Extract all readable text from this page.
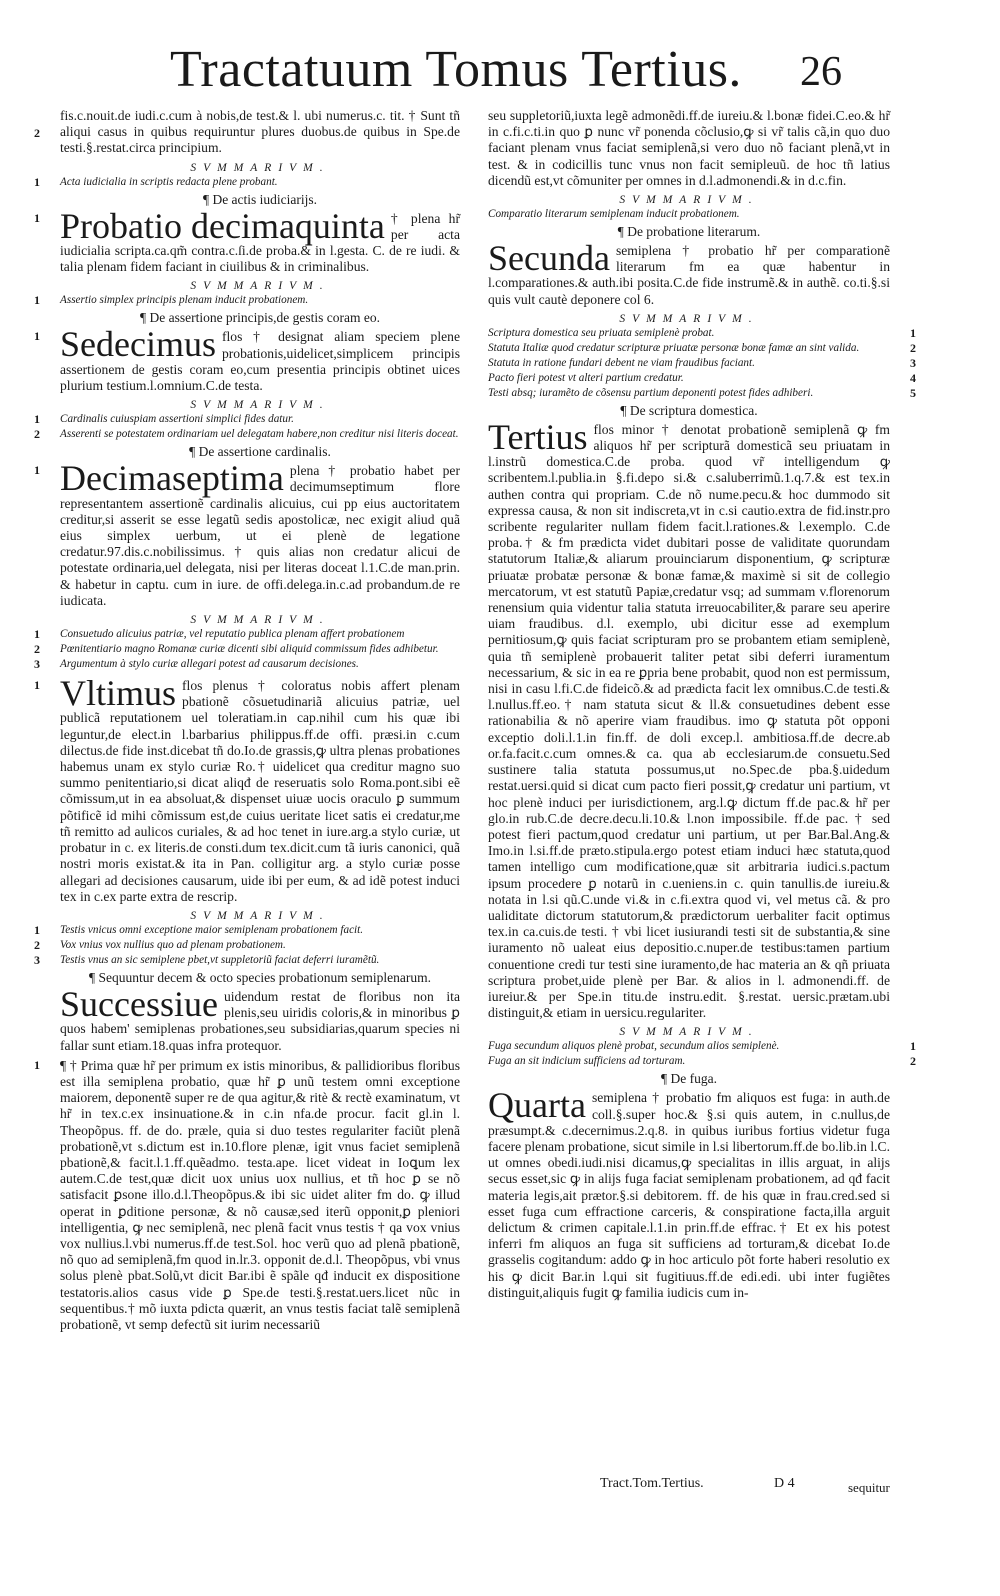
Tractatuum Tomus Tertius. 26
2

fis.c.nouit.de iudi.c.cum à nobis,de test.& l. ubi numerus.c. tit. † Sunt tñ aliqui casus in quibus requiruntur plures duobus.de quibus in Spe.de testi.§.restat.circa principium.

SVMMARIVM.

1 Acta iudicialia in scriptis redacta plene probant.

¶ De actis iudiciarijs.

1 Probatio decimaquinta † plena hr̃ per acta iudicialia scripta.ca.qm̃ contra.c.ſi.de proba.& in l.gesta. C. de re iudi. & talia plenam fidem faciant in ciuilibus & in criminalibus.

SVMMARIVM.

1 Assertio simplex principis plenam inducit probationem.

¶ De assertione principis,de gestis coram eo.

1 Sedecimus flos † designat aliam speciem plene probationis,uidelicet,simplicem principis assertionem de gestis coram eo,cum presentia principis obtinet uices plurium testium.l.omnium.C.de testa.

SVMMARIVM.

1 Cardinalis cuiuspiam assertioni simplici fides datur.

2 Asserenti se potestatem ordinariam uel delegatam habere,non creditur nisi literis doceat.

¶ De assertione cardinalis.

1 Decimaseptima plena † probatio habet per decimumseptimum flore representantem assertionẽ cardinalis alicuius, cui pp eius auctoritatem creditur,si asserit se esse legatũ sedis apostolicæ, nec exigit aliud quã eius simplex uerbum, ut ei plenè de legatione credatur.97.dis.c.nobilissimus. † quis alias non credatur alicui de potestate ordinaria,uel delegata, nisi per literas doceat l.1.C.de man.prin. & habetur in captu. cum in iure. de offi.delega.in.c.ad probandum.de re iudicata.

SVMMARIVM.

1 Consuetudo alicuius patriæ, vel reputatio publica plenam affert probationem

2 Pœnitentiario magno Romanæ curiæ dicenti sibi aliquid commissum fides adhibetur.

3 Argumentum à stylo curiæ allegari potest ad causarum decisiones.

1 Vltimus flos plenus † coloratus nobis affert plenam pbationẽ cõsuetudinariã alicuius patriæ, uel publicã reputationem uel toleratiam.in cap.nihil cum his quæ ibi leguntur,de elect.in l.barbarius philippus.ff.de offi. præsi.in c.cum dilectus.de fide inst.dicebat tñ do.Io.de grassis,ꝙ ultra plenas probationes habemus unam ex stylo curiæ Ro.† uidelicet qua creditur magno suo summo penitentiario,si dicat aliqđ de reseruatis solo Roma.pont.sibi eẽ cõmissum,ut in ea absoluat,& dispenset uiuæ uocis oraculo ꝑ summum põtificẽ id mihi cõmissum est,de cuius ueritate licet satis ei credatur,me tñ remitto ad aulicos curiales, & ad hoc tenet in iure.arg.a stylo curiæ, ut probatur in c. ex literis.de consti.dum tex.dicit.cum tã iuris canonici, quã nostri moris existat.& ita in Pan. colligitur arg. a stylo curiæ posse allegari ad decisiones causarum, uide ibi per eum, & ad idẽ potest induci tex in c.ex parte extra de rescrip.

SVMMARIVM.

1 Testis vnicus omni exceptione maior semiplenam probationem facit.

2 Vox vnius vox nullius quo ad plenam probationem.

3 Testis vnus an sic semiplene pbet,vt suppletoriũ faciat deferri iuramẽtũ.

¶ Sequuntur decem & octo species probationum semiplenarum.

Successiue uidendum restat de floribus non ita plenis,seu uiridis coloris,& in minoribus ꝑ quos habem' semiplenas probationes,seu subsidiarias,quarum species ni fallar sunt etiam.18.quas infra protequor.

1 ¶ † Prima quæ hr̃ per primum ex istis minoribus, & pallidioribus floribus est illa semiplena probatio, quæ hr̃ ꝑ unũ testem omni exceptione maiorem, deponentẽ super re de qua agitur,& ritè & rectè examinatum, vt hr̃ in tex.c.ex insinuatione.& in c.in nfa.de procur. facit gl.in l. Theopõpus. ff. de do. præle, quia si duo testes regulariter faciũt plenã probationẽ,vt s.dictum est in.10.flore plenæ, igit vnus faciet semiplenã pbationẽ,& facit.l.1.ff.quẽadmo. testa.ape. licet videat in Ioꝗum lex autem.C.de test,quæ dicit uox unius uox nullius, et tñ hoc ꝑ se nõ satisfacit ꝑsone illo.d.l.Theopõpus.& ibi sic uidet aliter fm do. ꝙ illud operat in ꝑditione personæ, & nõ causæ,sed iterũ opponit,ꝑ pleniori intelligentia, ꝙ nec semiplenã, nec plenã facit vnus testis † qa vox vnius vox nullius.l.vbi numerus.ff.de test.Sol. hoc verũ quo ad plenã pbationẽ, nõ quo ad semiplenã,fm quod in.lr.3. opponit de.d.l. Theopõpus, vbi vnus solus plenè pbat.Solũ,vt dicit Bar.ibi ẽ spãle qđ inducit ex dispositione testatoris.alios casus vide ꝑ Spe.de testi.§.restat.uers.licet nũc in sequentibus.† mõ iuxta pdicta quærit, an vnus testis faciat talẽ semiplenã probationẽ, vt semp defectũ sit iurim necessariũ

seu suppletoriũ,iuxta legẽ admonẽdi.ff.de iureiu.& l.bonæ fidei.C.eo.& hr̃ in c.fi.c.ti.in quo ꝑ nunc vr̃ ponenda cõclusio,ꝙ si vr̃ talis cã,in quo duo faciant plenam vnus faciat semiplenã,si vero duo nõ faciant plenã,vt in test. & in codicillis tunc vnus non facit semipleuũ. de hoc tñ latius dicendũ est,vt cõmuniter per omnes in d.l.admonendi.& in d.c.fin.

SVMMARIVM.

Comparatio literarum semiplenam inducit probationem.

¶ De probatione literarum.

Secunda semiplena † probatio hr̃ per comparationẽ literarum fm ea quæ habentur in l.comparationes.& auth.ibi posita.C.de fide instrumẽ.& in authẽ. co.ti.§.si quis vult cautè deponere col 6.

SVMMARIVM.

1

Scriptura domestica seu priuata semiplenè probat.

2

Statuta Italiæ quod credatur scripturæ priuatæ personæ bonæ famæ an sint valida.

3

Statuta in ratione fundari debent ne viam fraudibus faciant.

4

Pacto fieri potest vt alteri partium credatur.

5

Testi absq; iuramẽto de cõsensu partium deponenti potest fides adhiberi.

¶ De scriptura domestica.

Tertius flos minor † denotat probationẽ semiplenã ꝙ fm aliquos hr̃ per scripturã domesticã seu priuatam in l.instrũ domestica.C.de proba. quod vr̃ intelligendum ꝙ scribentem.l.publia.in §.fi.depo si.& c.saluberrimũ.1.q.7.& est tex.in authen contra qui propriam. C.de nõ nume.pecu.& hoc dummodo sit expressa causa, & non sit indiscreta,vt in c.si cautio.extra de fid.instr.pro scribente regulariter nullam fidem facit.l.rationes.& l.exemplo. C.de proba.† & fm prædicta videt dubitari posse de validitate quorundam statutorum Italiæ,& aliarum prouinciarum disponentium, ꝙ scripturæ priuatæ probatæ personæ & bonæ famæ,& maximè si sit de collegio mercatorum, vt est statutũ Papiæ,credatur vsq; ad summam v.florenorum renensium quia videntur talia statuta irreuocabiliter,& parare seu aperire uiam fraudibus. d.l. exemplo, ubi dicitur esse ad exemplum pernitiosum,ꝙ quis faciat scripturam pro se probantem etiam semiplenè, quia tñ semiplenè probauerit taliter petat sibi deferri iuramentum necessarium, & sic in ea re ꝑpria bene probabit, quod non est permissum, nisi in casu l.fi.C.de fideicõ.& ad prædicta facit lex omnibus.C.de testi.& l.nullus.ff.eo.† nam statuta sicut & ll.& consuetudines debent esse rationabilia & nõ aperire viam fraudibus. imo ꝙ statuta põt opponi exceptio doli.l.1.in fin.ff. de doli excep.l. ambitiosa.ff.de decre.ab or.fa.facit.c.cum omnes.& ca. qua ab ecclesiarum.de consuetu.Sed sustinere talia statuta possumus,ut no.Spec.de pba.§.uidedum restat.uersi.quid si dicat cum pacto fieri possit,ꝙ credatur uni partium, vt hoc plenè induci per iurisdictionem, arg.l.ꝙ dictum ff.de pac.& hr̃ per glo.in rub.C.de decre.decu.li.10.& l.non impossibile. ff.de pac. † sed potest fieri pactum,quod credatur uni partium, ut per Bar.Bal.Ang.& Imo.in l.si.ff.de præto.stipula.ergo potest etiam induci hæc statuta,quod tamen intelligo cum modificatione,quæ sit arbitraria iudici.s.pactum ipsum procedere ꝑ notarũ in c.ueniens.in c. quin tanullis.de iureiu.& notata in l.si qũ.C.unde vi.& in c.fi.extra quod vi, vel metus cã. & pro ualiditate dictorum statutorum,& prædictorum uerbaliter facit optimus tex.in ca.cuis.de testi. † vbi licet iusiurandi testi sit de substantia,& sine iuramento nõ ualeat eius depositio.c.nuper.de testibus:tamen partium conuentione credi tur testi sine iuramento,de hac materia an & qñ priuata scriptura probet,uide plenè per Bar. & alios in l. admonendi.ff. de iureiur.& per Spe.in titu.de instru.edit. §.restat. uersic.prætam.ubi distinguit,& etiam in uersicu.regulariter.

SVMMARIVM.

1

Fuga secundum aliquos plenè probat, secundum alios semiplenè.

2

Fuga an sit indicium sufficiens ad torturam.

¶ De fuga.

Quarta semiplena † probatio fm aliquos est fuga: in auth.de coll.§.super hoc.& §.si quis autem, in c.nullus,de præsumpt.& c.decernimus.2.q.8. in quibus iuribus fortius videtur fuga facere plenam probatione, sicut simile in l.si libertorum.ff.de bo.lib.in l.C. ut omnes obedi.iudi.nisi dicamus,ꝙ specialitas in illis arguat, in alijs secus esset,sic ꝙ in alijs fuga faciat semiplenam probationem, ad qđ facit materia legis,ait prætor.§.si debitorem. ff. de his quæ in frau.cred.sed si esset fuga cum effractione carceris, & conspiratione facta,illa arguit delictum & crimen capitale.l.1.in prin.ff.de effrac.† Et ex his potest inferri fm aliquos an fuga sit sufficiens ad torturam,& dicebat Io.de grasselis cogitandum: addo ꝙ in hoc articulo põt forte haberi resolutio ex his ꝙ dicit Bar.in l.qui sit fugitiuus.ff.de edi.edi. ubi inter fugiẽtes distinguit,aliquis fugit ꝙ familia iudicis cum in-

Tract.Tom.Tertius.	D 4	sequitur
